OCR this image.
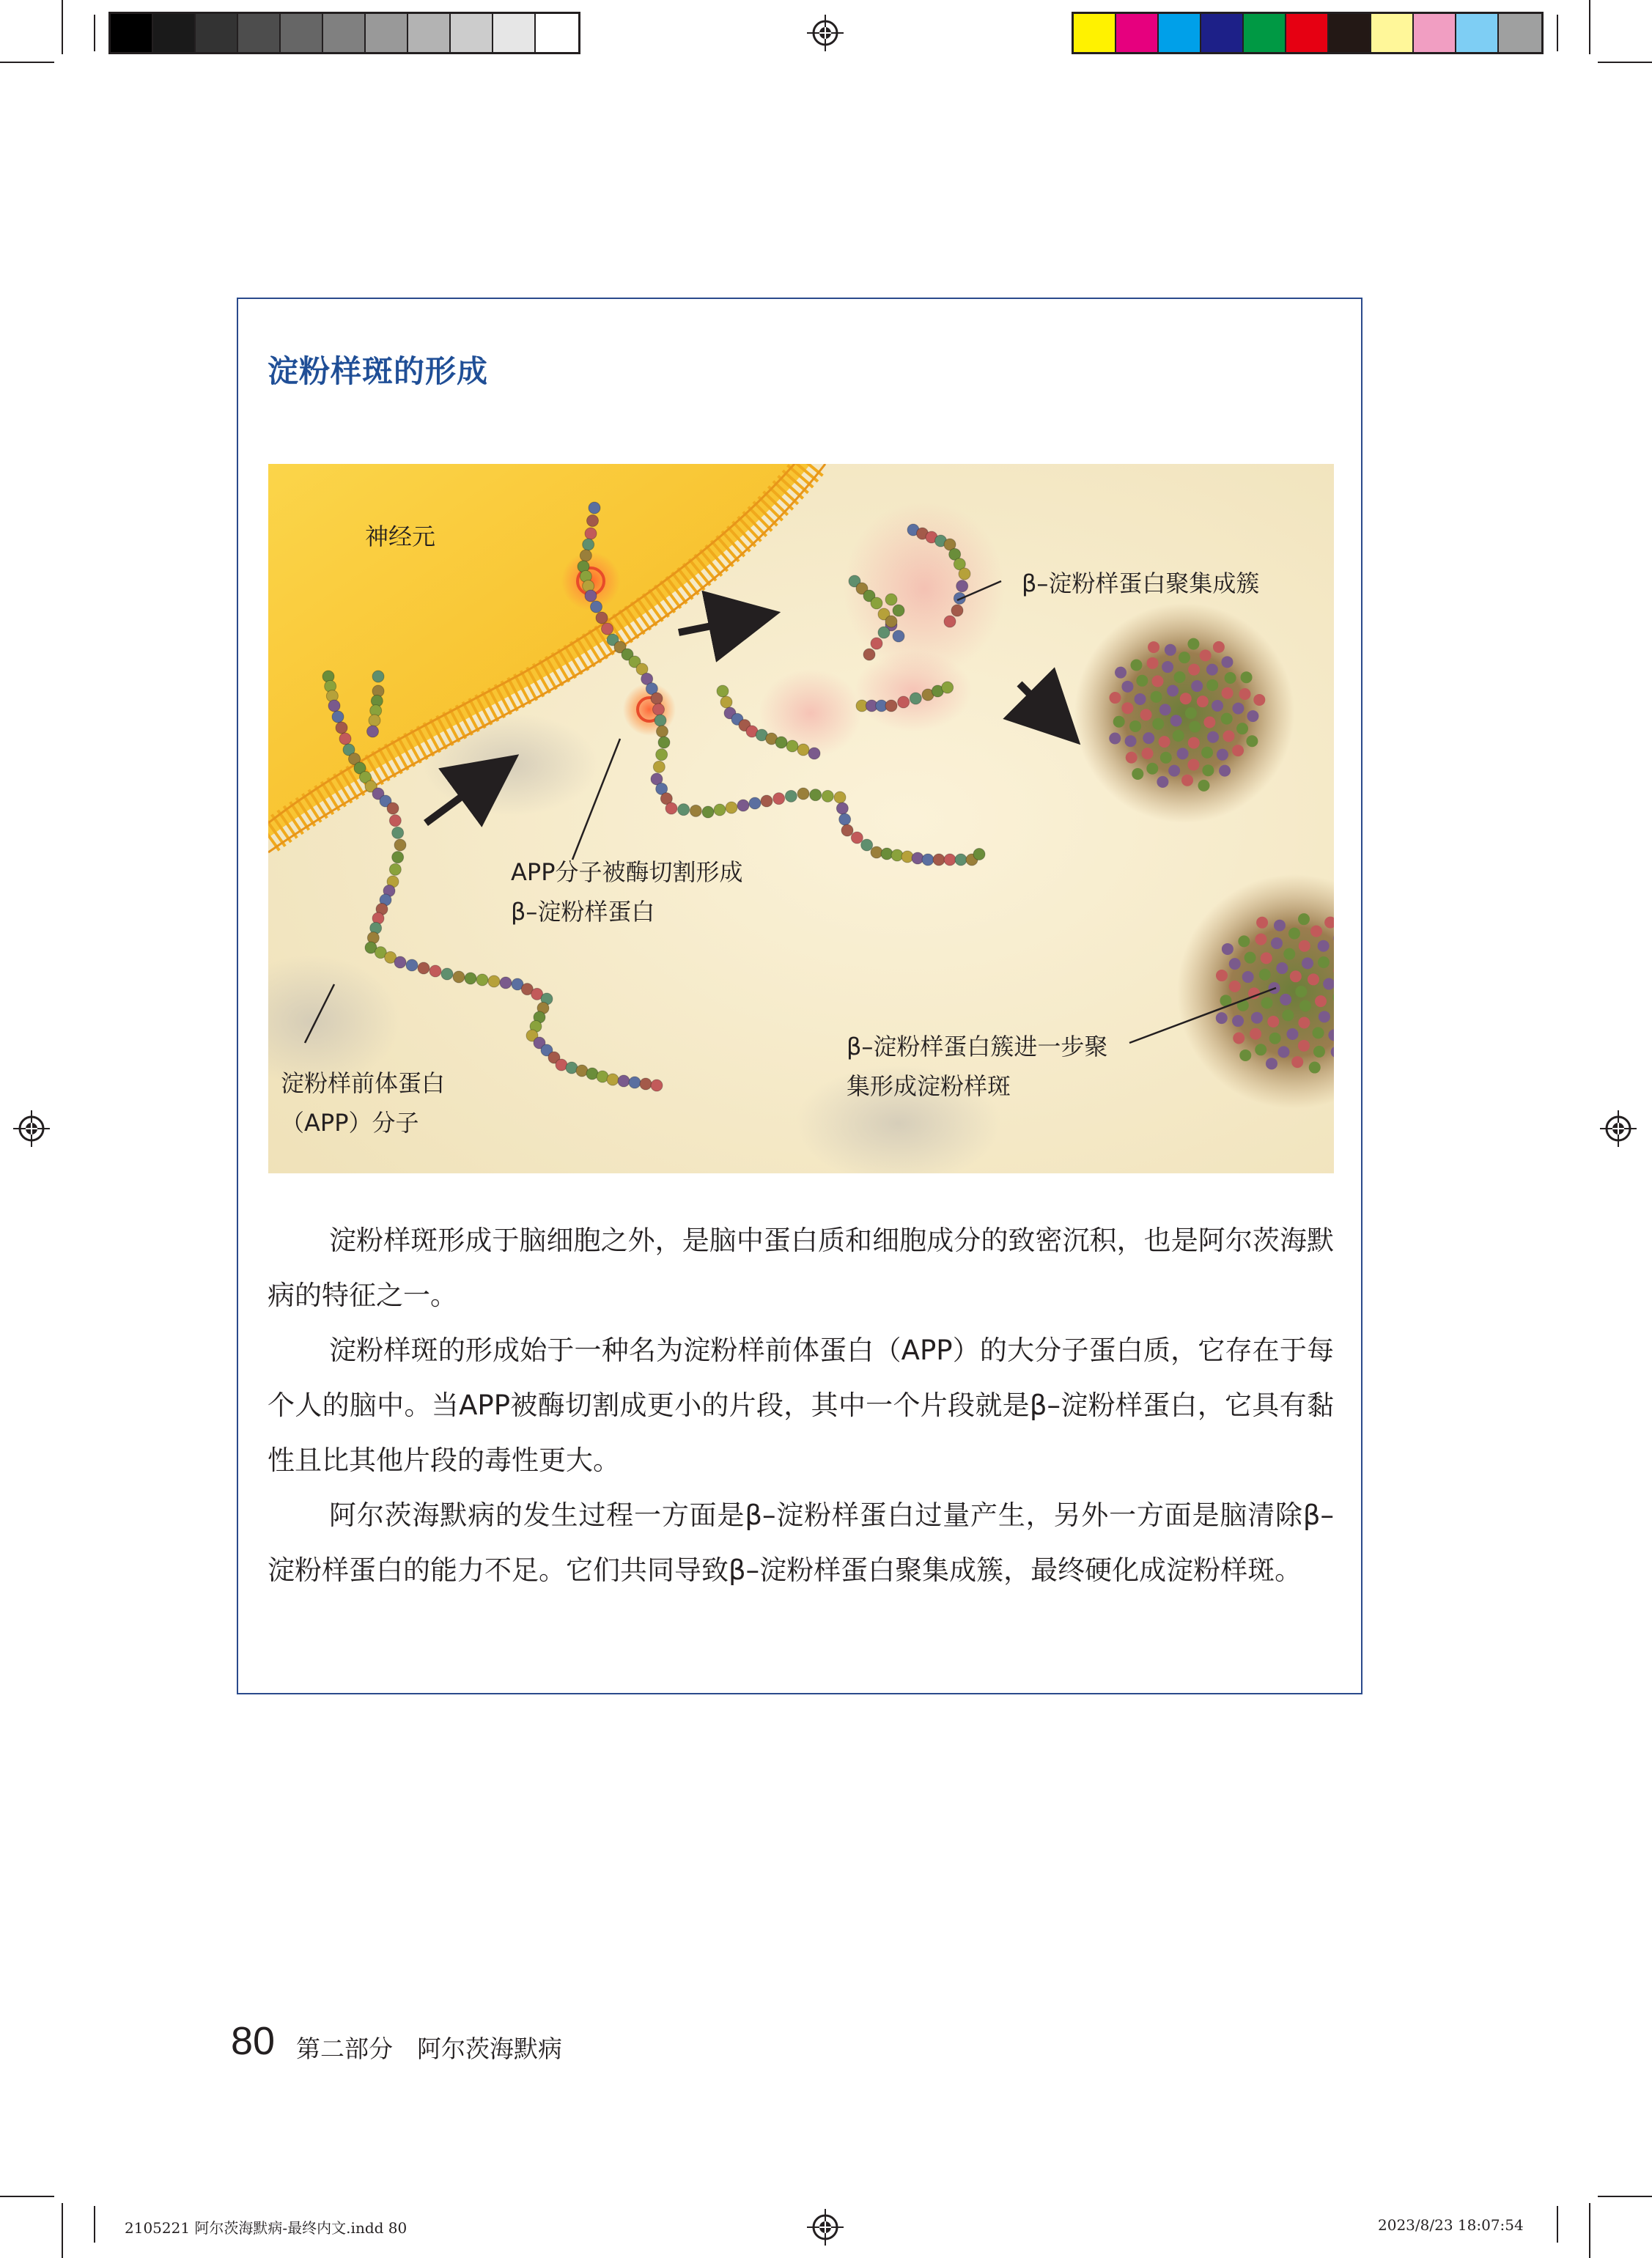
淀粉样斑的形成
神经元
β–淀粉样蛋白聚集成簇
APP分子被酶切割形成
β–淀粉样蛋白
β–淀粉样蛋白簇进一步聚
集形成淀粉样斑
淀粉样前体蛋白
（APP）分子

淀粉样斑形成于脑细胞之外，是脑中蛋白质和细胞成分的致密沉积，也是阿尔茨海默病的特征之一。

淀粉样斑的形成始于一种名为淀粉样前体蛋白（APP）的大分子蛋白质，它存在于每个人的脑中。当APP被酶切割成更小的片段，其中一个片段就是β–淀粉样蛋白，它具有黏性且比其他片段的毒性更大。

阿尔茨海默病的发生过程一方面是β–淀粉样蛋白过量产生，另外一方面是脑清除β–淀粉样蛋白的能力不足。它们共同导致β–淀粉样蛋白聚集成簇，最终硬化成淀粉样斑。

80 第二部分　阿尔茨海默病
2105221 阿尔茨海默病-最终内文.indd 80	2023/8/23 18:07:54
